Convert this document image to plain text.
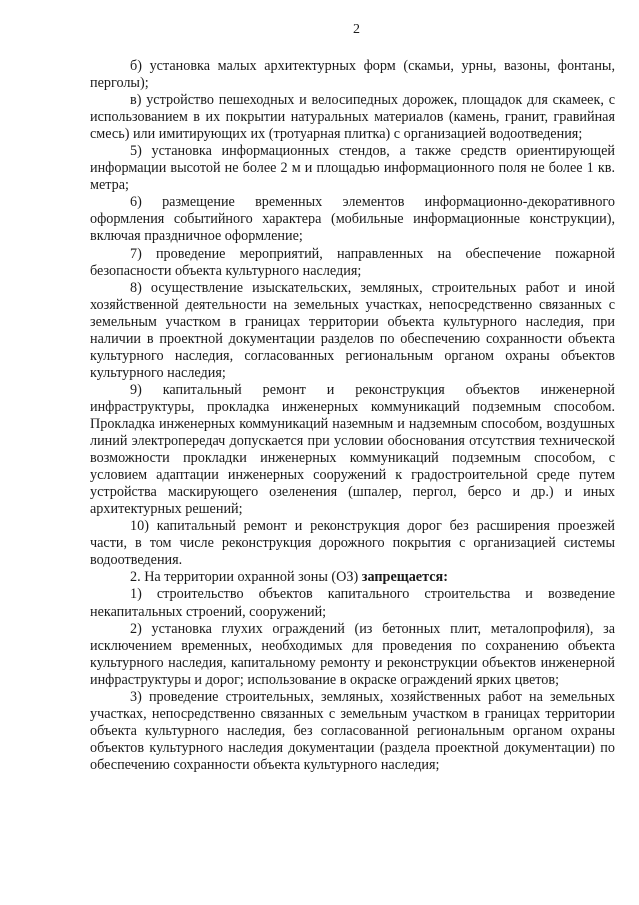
2

б) установка малых архитектурных форм (скамьи, урны, вазоны, фонтаны, перголы);

в) устройство пешеходных и велосипедных дорожек, площадок для скамеек, с использованием в их покрытии натуральных материалов (камень, гранит, гравийная смесь) или имитирующих их (тротуарная плитка) с организацией водоотведения;

5) установка информационных стендов, а также средств ориентирующей информации высотой не более 2 м и площадью информационного поля не более 1 кв. метра;

6) размещение временных элементов информационно-декоративного оформления событийного характера (мобильные информационные конструкции), включая праздничное оформление;

7) проведение мероприятий, направленных на обеспечение пожарной безопасности объекта культурного наследия;

8) осуществление изыскательских, земляных, строительных работ и иной хозяйственной деятельности на земельных участках, непосредственно связанных с земельным участком в границах территории объекта культурного наследия, при наличии в проектной документации разделов по обеспечению сохранности объекта культурного наследия, согласованных региональным органом охраны объектов культурного наследия;

9) капитальный ремонт и реконструкция объектов инженерной инфраструктуры, прокладка инженерных коммуникаций подземным способом. Прокладка инженерных коммуникаций наземным и надземным способом, воздушных линий электропередач допускается при условии обоснования отсутствия технической возможности прокладки инженерных коммуникаций подземным способом, с условием адаптации инженерных сооружений к градостроительной среде путем устройства маскирующего озеленения (шпалер, пергол, берсо и др.) и иных архитектурных решений;

10) капитальный ремонт и реконструкция дорог без расширения проезжей части, в том числе реконструкция дорожного покрытия с организацией системы водоотведения.

2. На территории охранной зоны (ОЗ) запрещается:

1) строительство объектов капитального строительства и возведение некапитальных строений, сооружений;

2) установка глухих ограждений (из бетонных плит, металопрофиля), за исключением временных, необходимых для проведения по сохранению объекта культурного наследия, капитальному ремонту и реконструкции объектов инженерной инфраструктуры и дорог; использование в окраске ограждений ярких цветов;

3) проведение строительных, земляных, хозяйственных работ на земельных участках, непосредственно связанных с земельным участком в границах территории объекта культурного наследия, без согласованной региональным органом охраны объектов культурного наследия документации (раздела проектной документации) по обеспечению сохранности объекта культурного наследия;
